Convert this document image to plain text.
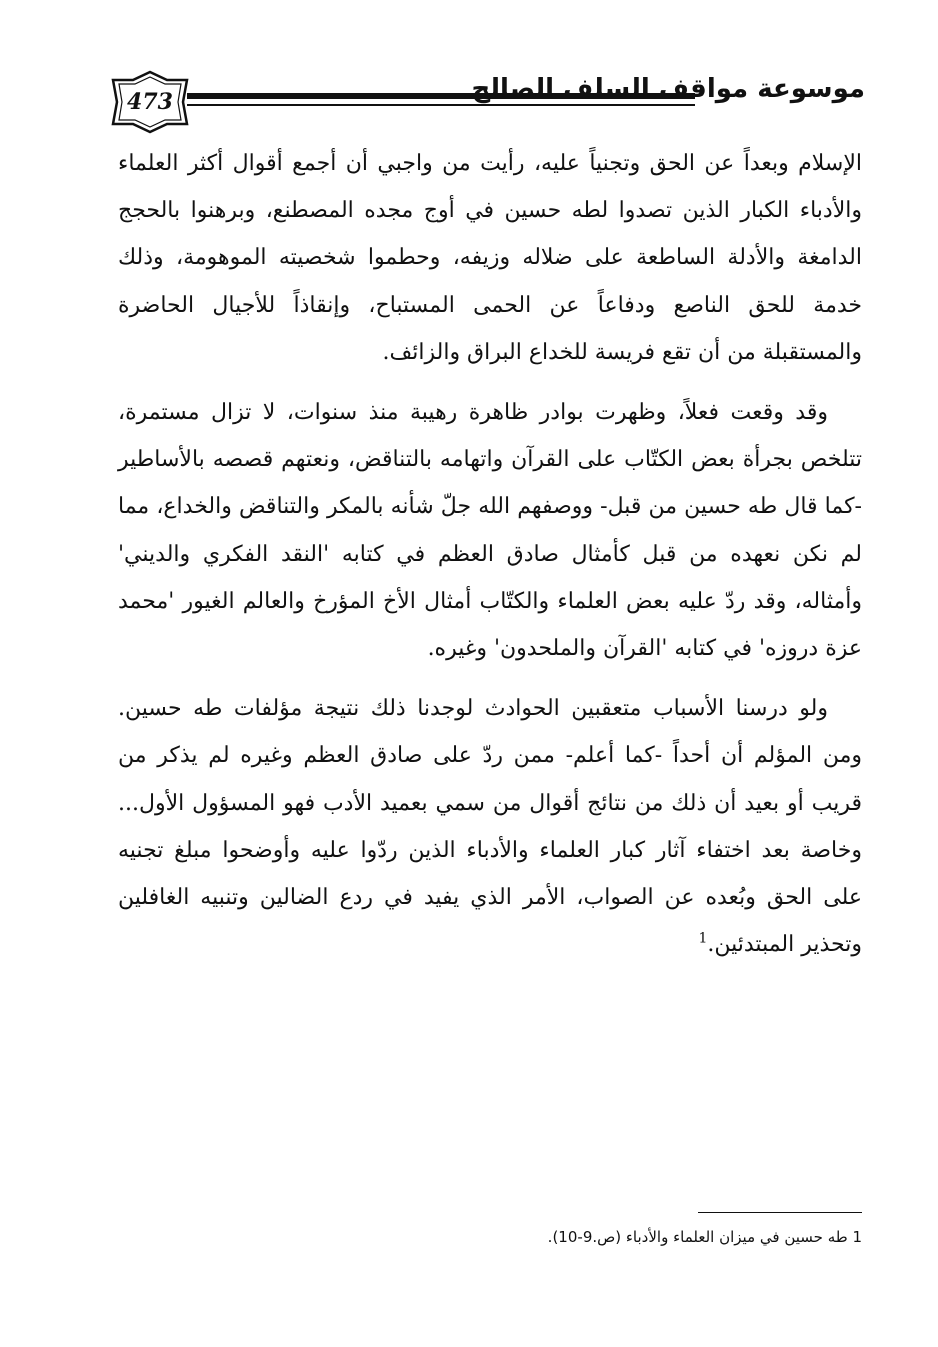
473	موسوعة مواقف السلف الصالح

الإسلام وبعداً عن الحق وتجنياً عليه، رأيت من واجبي أن أجمع أقوال أكثر العلماء والأدباء الكبار الذين تصدوا لطه حسين في أوج مجده المصطنع، وبرهنوا بالحجج الدامغة والأدلة الساطعة على ضلاله وزيفه، وحطموا شخصيته الموهومة، وذلك خدمة للحق الناصع ودفاعاً عن الحمى المستباح، وإنقاذاً للأجيال الحاضرة والمستقبلة من أن تقع فريسة للخداع البراق والزائف.

وقد وقعت فعلاً، وظهرت بوادر ظاهرة رهيبة منذ سنوات، لا تزال مستمرة، تتلخص بجرأة بعض الكتّاب على القرآن واتهامه بالتناقض، ونعتهم قصصه بالأساطير -كما قال طه حسين من قبل- ووصفهم الله جلّ شأنه بالمكر والتناقض والخداع، مما لم نكن نعهده من قبل كأمثال صادق العظم في كتابه 'النقد الفكري والديني' وأمثاله، وقد ردّ عليه بعض العلماء والكتّاب أمثال الأخ المؤرخ والعالم الغيور 'محمد عزة دروزه' في كتابه 'القرآن والملحدون' وغيره.

ولو درسنا الأسباب متعقبين الحوادث لوجدنا ذلك نتيجة مؤلفات طه حسين. ومن المؤلم أن أحداً -كما أعلم- ممن ردّ على صادق العظم وغيره لم يذكر من قريب أو بعيد أن ذلك من نتائج أقوال من سمي بعميد الأدب فهو المسؤول الأول... وخاصة بعد اختفاء آثار كبار العلماء والأدباء الذين ردّوا عليه وأوضحوا مبلغ تجنيه على الحق وبُعده عن الصواب، الأمر الذي يفيد في ردع الضالين وتنبيه الغافلين وتحذير المبتدئين.$^1$

1 طه حسين في ميزان العلماء والأدباء (ص.9-10).
